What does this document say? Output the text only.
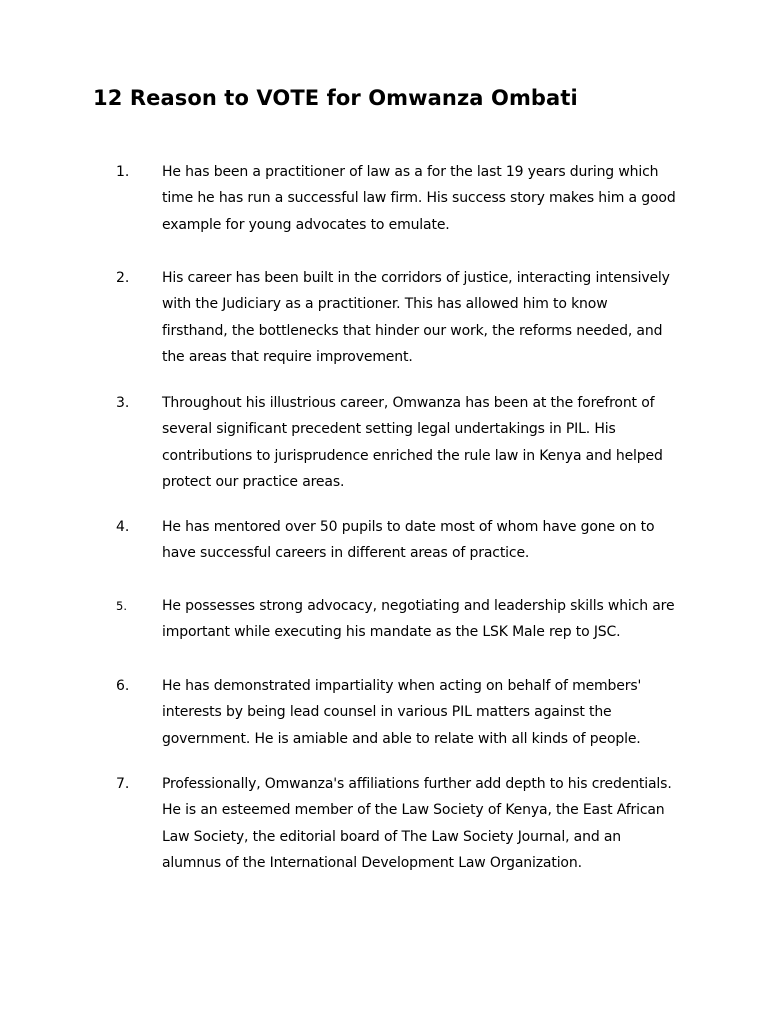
12 Reason to VOTE for Omwanza Ombati
1. He has been a practitioner of law as a for the last 19 years during which
time he has run a successful law firm. His success story makes him a good
example for young advocates to emulate.

2. His career has been built in the corridors of justice, interacting intensively
with the Judiciary as a practitioner. This has allowed him to know
firsthand, the bottlenecks that hinder our work, the reforms needed, and
the areas that require improvement.

3. Throughout his illustrious career, Omwanza has been at the forefront of
several significant precedent setting legal undertakings in PIL. His
contributions to jurisprudence enriched the rule law in Kenya and helped
protect our practice areas.

4. He has mentored over 50 pupils to date most of whom have gone on to
have successful careers in different areas of practice.

5.	He possesses strong advocacy, negotiating and leadership skills which are
important while executing his mandate as the LSK Male rep to JSC.

6. He has demonstrated impartiality when acting on behalf of members'
interests by being lead counsel in various PIL matters against the
government. He is amiable and able to relate with all kinds of people.

7. Professionally, Omwanza's affiliations further add depth to his credentials.
He is an esteemed member of the Law Society of Kenya, the East African
Law Society, the editorial board of The Law Society Journal, and an
alumnus of the International Development Law Organization.
